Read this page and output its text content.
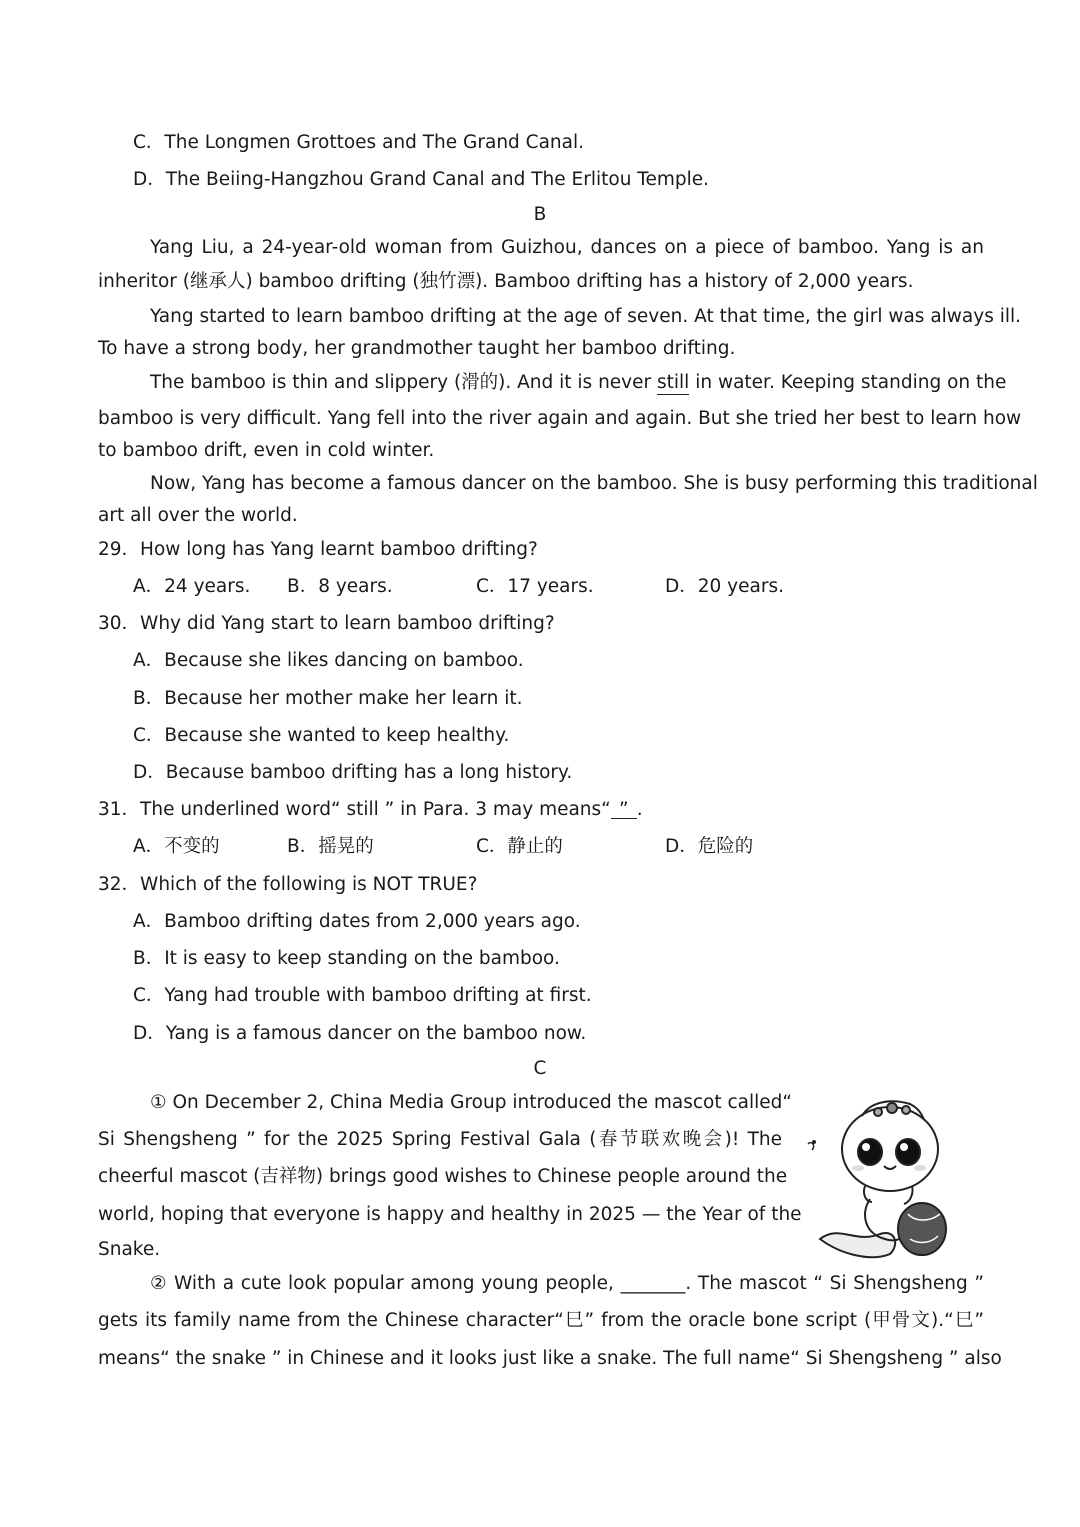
C．The Longmen Grottoes and The Grand Canal.
D．The Beiing-Hangzhou Grand Canal and The Erlitou Temple.
B
Yang Liu, a 24-year-old woman from Guizhou, dances on a piece of bamboo. Yang is an
inheritor (继承人) bamboo drifting (独竹漂). Bamboo drifting has a history of 2,000 years.
Yang started to learn bamboo drifting at the age of seven. At that time, the girl was always ill.
To have a strong body, her grandmother taught her bamboo drifting.
The bamboo is thin and slippery (滑的). And it is never still in water. Keeping standing on the
bamboo is very difficult. Yang fell into the river again and again. But she tried her best to learn how
to bamboo drift, even in cold winter.
Now, Yang has become a famous dancer on the bamboo. She is busy performing this traditional
art all over the world.
29．How long has Yang learnt bamboo drifting?
A．24 years. B．8 years.	C．17 years.	D．20 years.
30．Why did Yang start to learn bamboo drifting?
A．Because she likes dancing on bamboo.
B．Because her mother make her learn it.
C．Because she wanted to keep healthy.
D．Because bamboo drifting has a long history.
31．The underlined word“ still ” in Para. 3 may means“ ” .
A．不变的	B．摇晃的	C．静止的	D．危险的
32．Which of the following is NOT TRUE?
A．Bamboo drifting dates from 2,000 years ago.
B．It is easy to keep standing on the bamboo.
C．Yang had trouble with bamboo drifting at first.
D．Yang is a famous dancer on the bamboo now.
C
① On December 2, China Media Group introduced the mascot called“
Si Shengsheng ” for the 2025 Spring Festival Gala (春节联欢晚会)! The
cheerful mascot (吉祥物) brings good wishes to Chinese people around the
world, hoping that everyone is happy and healthy in 2025 — the Year of the
Snake.
② With a cute look popular among young people, _______. The mascot “ Si Shengsheng ”
gets its family name from the Chinese character“巳” from the oracle bone script (甲骨文).“巳”
means“ the snake ” in Chinese and it looks just like a snake. The full name“ Si Shengsheng ” also
